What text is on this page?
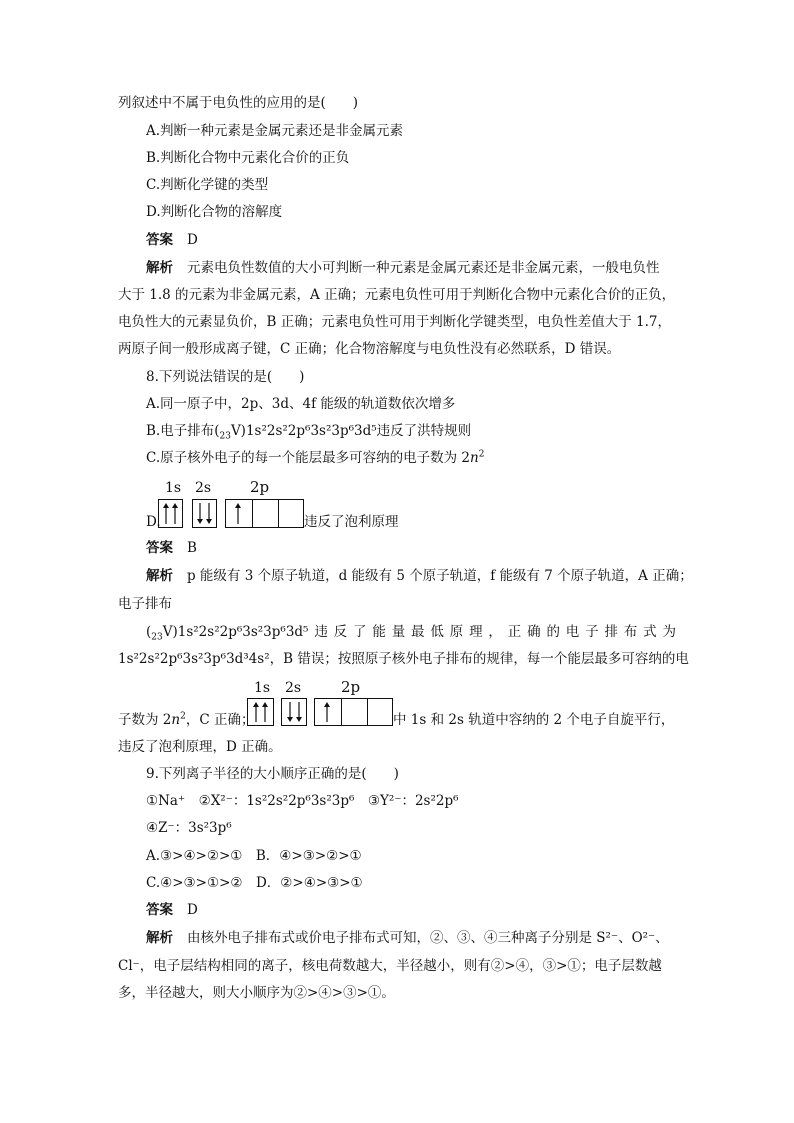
列叙述中不属于电负性的应用的是(　　)
A.判断一种元素是金属元素还是非金属元素
B.判断化合物中元素化合价的正负
C.判断化学键的类型
D.判断化合物的溶解度
答案 D
解析 元素电负性数值的大小可判断一种元素是金属元素还是非金属元素，一般电负性
大于 1.8 的元素为非金属元素，A 正确；元素电负性可用于判断化合物中元素化合价的正负，
电负性大的元素显负价，B 正确；元素电负性可用于判断化学键类型，电负性差值大于 1.7，
两原子间一般形成离子键，C 正确；化合物溶解度与电负性没有必然联系，D 错误。
8.下列说法错误的是(　　)
A.同一原子中，2p、3d、4f 能级的轨道数依次增多
B.电子排布$(_{23}V)1s^22s^22p^63s^23p^63d^5$违反了洪特规则
C.原子核外电子的每一个能层最多可容纳的电子数为 $2n^2$
D.
1s 2s	2p
违反了泡利原理
答案 B
解析 p 能级有 3 个原子轨道，d 能级有 5 个原子轨道，f 能级有 7 个原子轨道，A 正确；
电子排布
$(_{23}V)1s^22s^22p^63s^23p^63d^5$ 违 反 了 能 量 最 低 原 理 ， 正 确 的 电 子 排 布 式 为
1s²2s²2p⁶3s²3p⁶3d³4s²，B 错误；按照原子核外电子排布的规律，每一个能层最多可容纳的电
子数为 $2n^2$，C 正确；
1s 2s	2p
中 1s 和 2s 轨道中容纳的 2 个电子自旋平行，
违反了泡利原理，D 正确。
9.下列离子半径的大小顺序正确的是(　　)
①Na⁺　②X²⁻：1s²2s²2p⁶3s²3p⁶　③Y²⁻：2s²2p⁶
④Z⁻：3s²3p⁶
A.③>④>②>①　B．④>③>②>①
C.④>③>①>②　D．②>④>③>①
答案 D
解析 由核外电子排布式或价电子排布式可知，②、③、④三种离子分别是 S²⁻、O²⁻、
Cl⁻，电子层结构相同的离子，核电荷数越大，半径越小，则有②>④，③>①；电子层数越
多，半径越大，则大小顺序为②>④>③>①。
